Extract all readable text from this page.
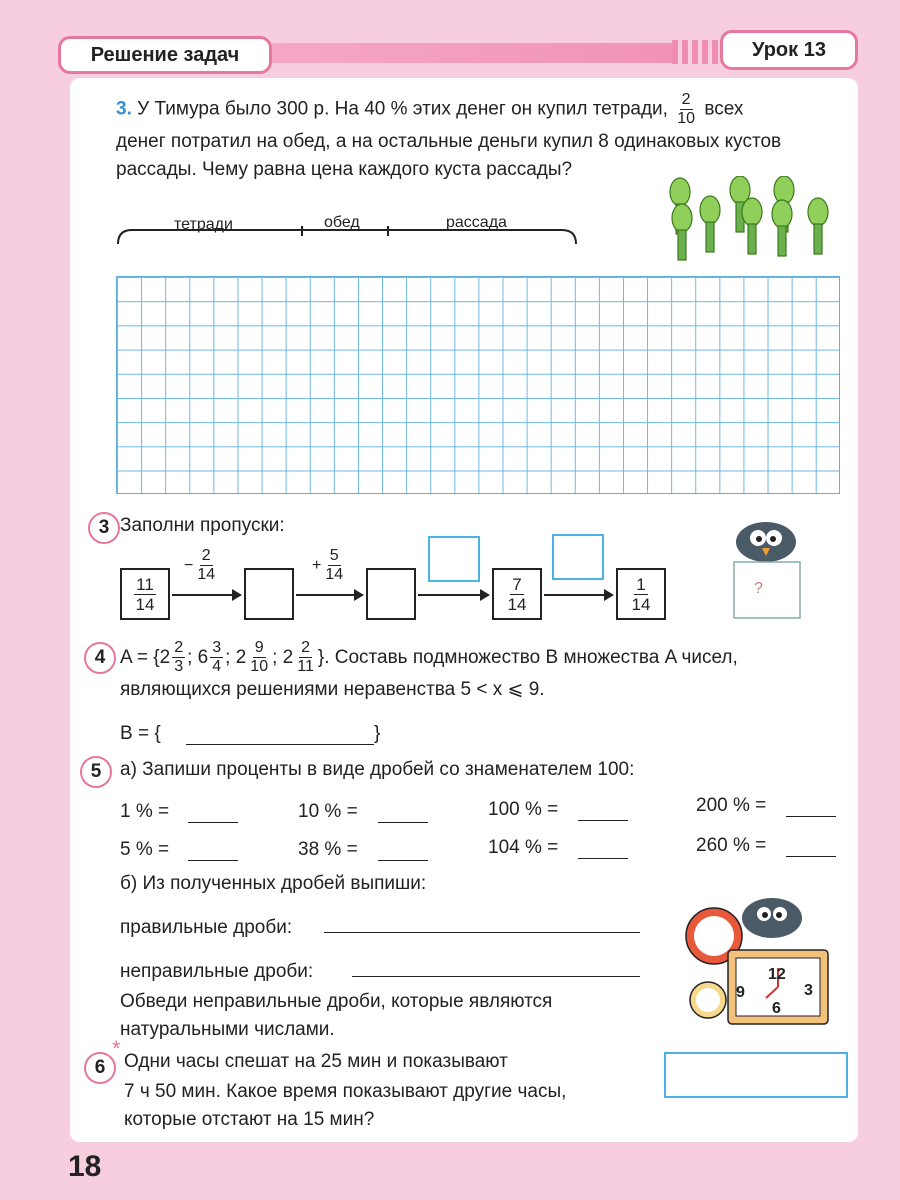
Решение задач	Урок 13
3. У Тимура было 300 р. На 40 % этих денег он купил тетради, $\frac{2}{10}$ всех
денег потратил на обед, а на остальные деньги купил 8 одинаковых кустов
рассады. Чему равна цена каждого куста рассады?
тетради	обед	рассада
3 Заполни пропуски:
− $\frac{2}{14}$	+ $\frac{5}{14}$
$\frac{11}{14}$	$\frac{7}{14}$	$\frac{1}{14}$	?
4 A = { $2 \frac{2}{3}$ ; $6 \frac{3}{4}$ ; $2 \frac{9}{10}$ ; $2 \frac{2}{11}$ }. Составь подмножество B множества A чисел,
являющихся решениями неравенства 5 < x ⩽ 9.
B = {	}
5 а) Запиши проценты в виде дробей со знаменателем 100:
1 % =	10 % =	100 % =	200 % =
5 % =	38 % =	104 % =	260 % =
б) Из полученных дробей выпиши:
правильные дроби:
неправильные дроби:
Обведи неправильные дроби, которые являются
натуральными числами.
12
9	3
6
*
6 Одни часы спешат на 25 мин и показывают
7 ч 50 мин. Какое время показывают другие часы,
которые отстают на 15 мин?
18
